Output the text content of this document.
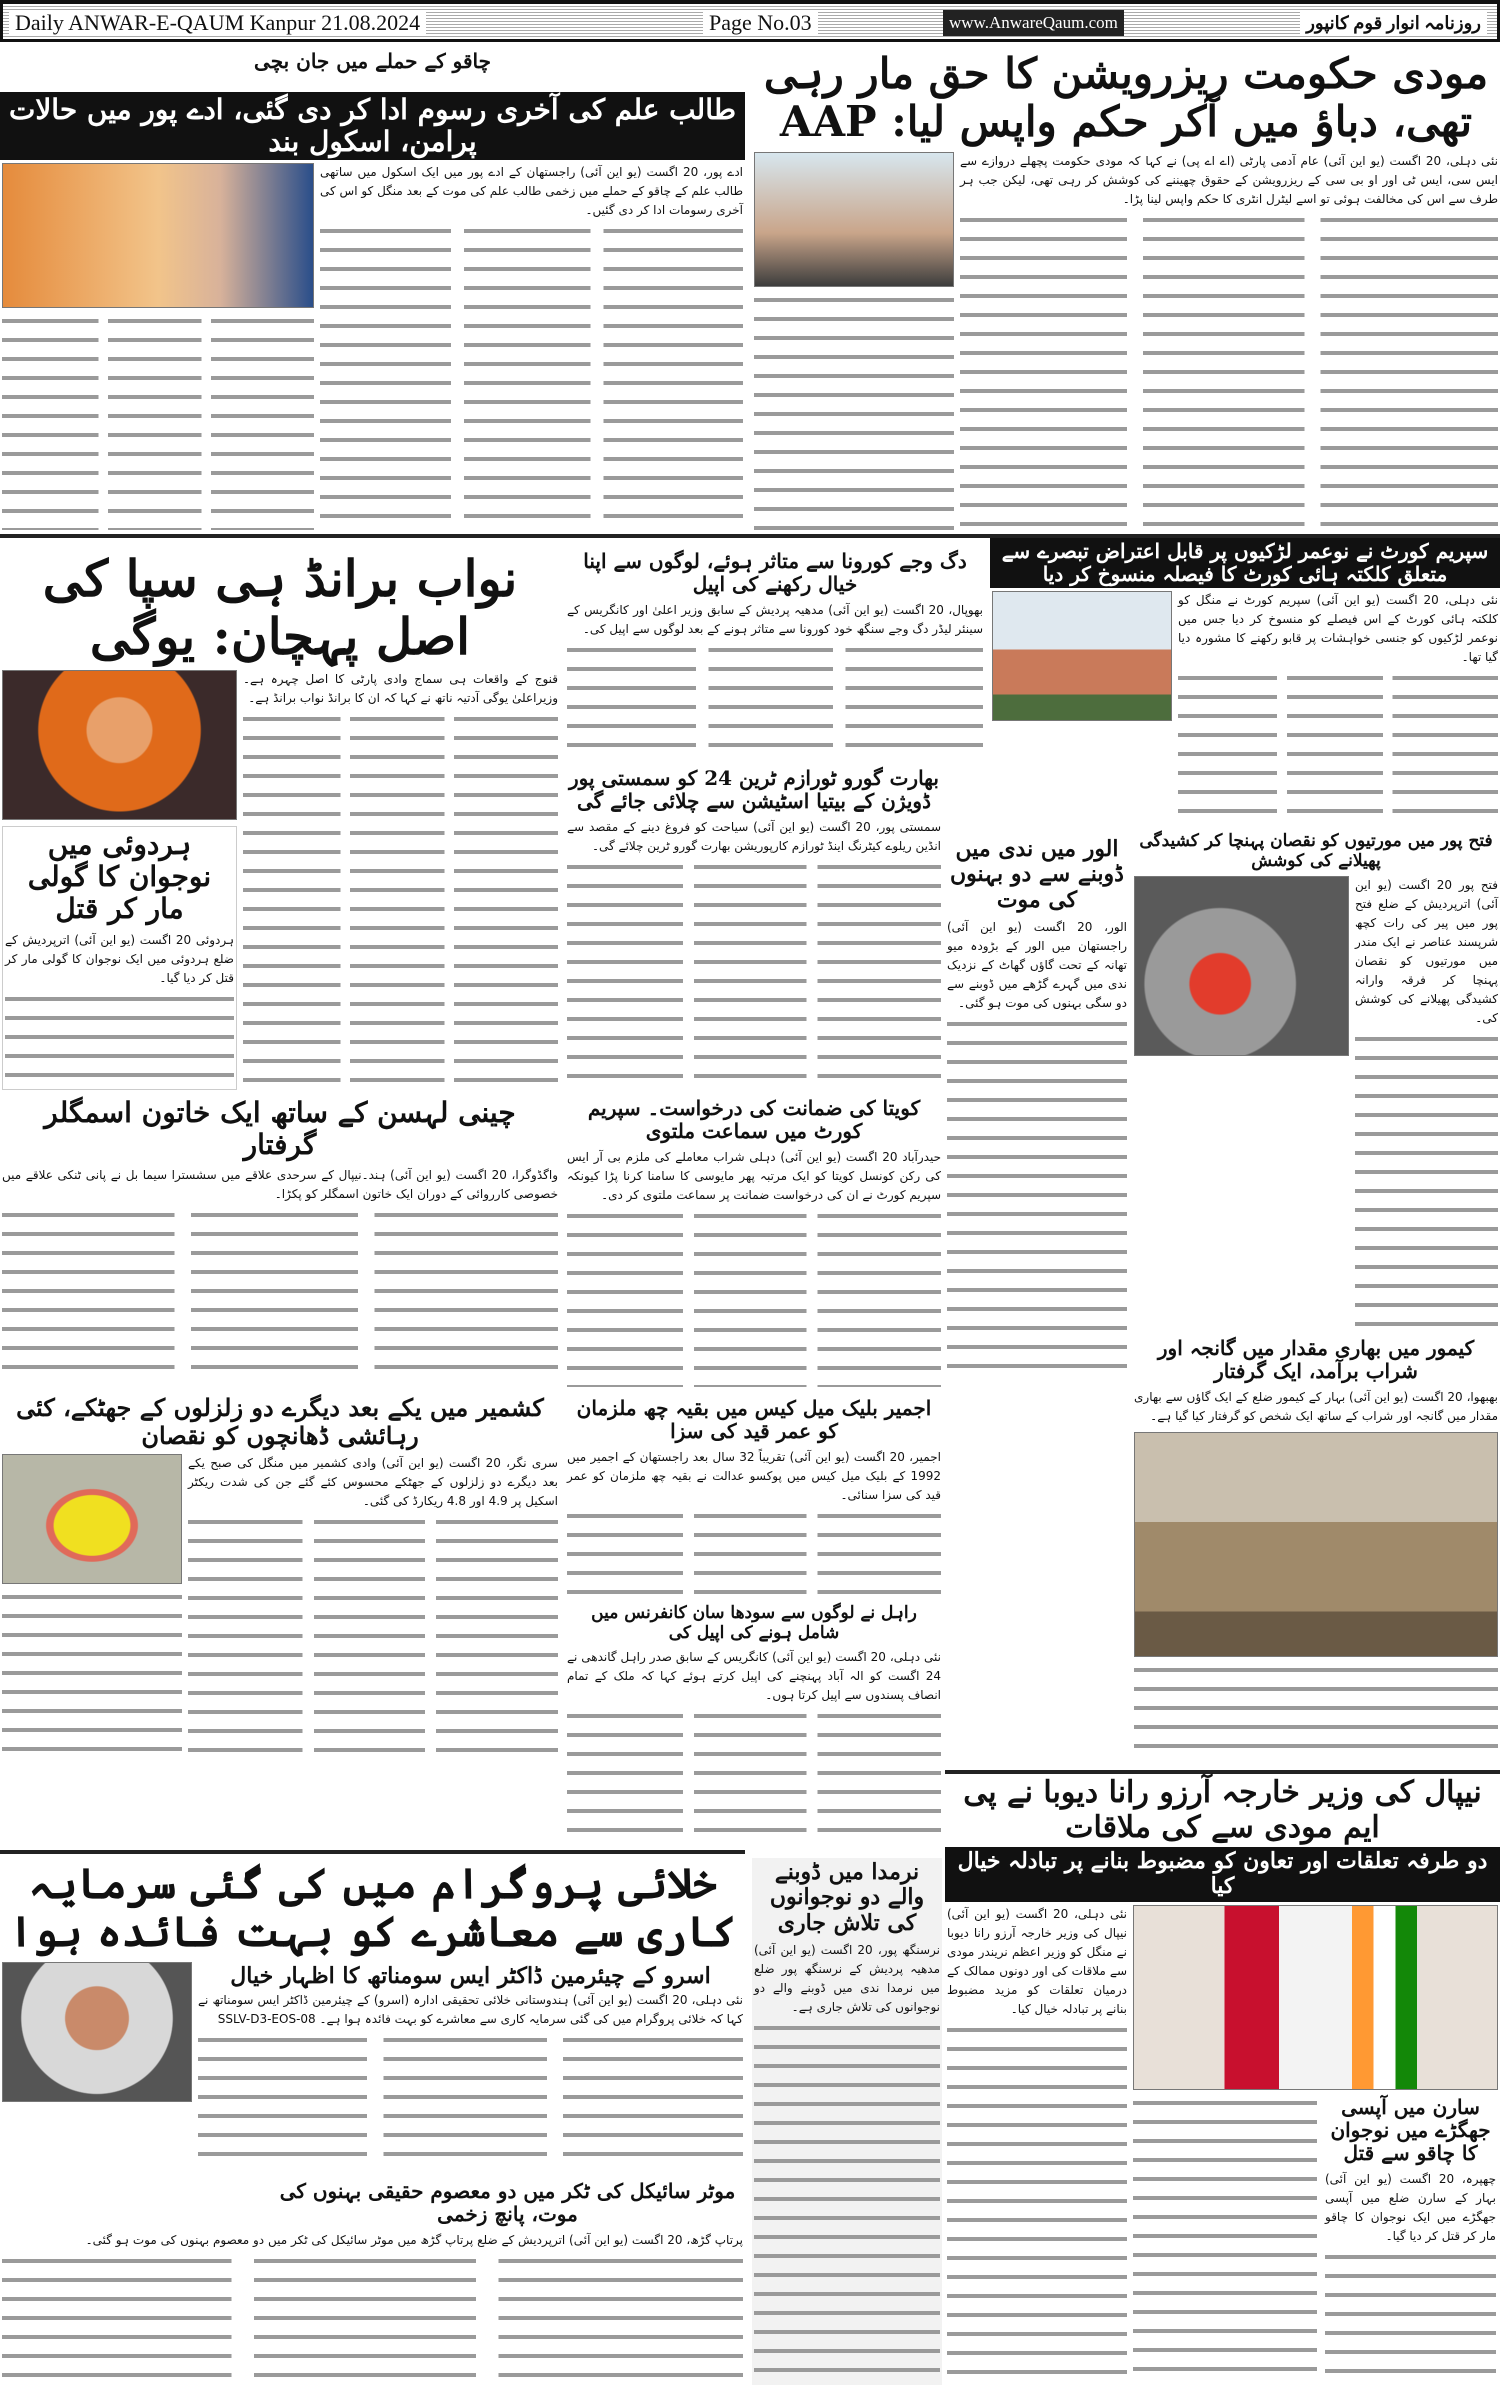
Daily ANWAR-E-QAUM Kanpur 21.08.2024	Page No.03	www.AnwareQaum.com	روزنامہ انوار قوم کانپور
مودی حکومت ریزرویشن کا حق مار رہی تھی، دباؤ میں آکر حکم واپس لیا: AAP

نئی دہلی، 20 اگست (یو این آئی) عام آدمی پارٹی (اے اے پی) نے کہا کہ مودی حکومت پچھلے دروازے سے ایس سی، ایس ٹی اور او بی سی کے ریزرویشن کے حقوق چھیننے کی کوشش کر رہی تھی، لیکن جب ہر طرف سے اس کی مخالفت ہوئی تو اسے لیٹرل انٹری کا حکم واپس لینا پڑا۔

چاقو کے حملے میں جان بچی
طالب علم کی آخری رسوم ادا کر دی گئی، ادے پور میں حالات پرامن، اسکول بند

ادے پور، 20 اگست (یو این آئی) راجستھان کے ادے پور میں ایک اسکول میں ساتھی طالب علم کے چاقو کے حملے میں زخمی طالب علم کی موت کے بعد منگل کو اس کی آخری رسومات ادا کر دی گئیں۔

نواب برانڈ ہی سپا کی اصل پہچان: یوگی

قنوج کے واقعات ہی سماج وادی پارٹی کا اصل چہرہ ہے۔ وزیراعلیٰ یوگی آدتیہ ناتھ نے کہا کہ ان کا برانڈ نواب برانڈ ہے۔

ہردوئی میں نوجوان کا گولی مار کر قتل

ہردوئی 20 اگست (یو این آئی) اترپردیش کے ضلع ہردوئی میں ایک نوجوان کا گولی مار کر قتل کر دیا گیا۔

دگ وجے کورونا سے متاثر ہوئے، لوگوں سے اپنا خیال رکھنے کی اپیل

بھوپال، 20 اگست (یو این آئی) مدھیہ پردیش کے سابق وزیر اعلیٰ اور کانگریس کے سینئر لیڈر دگ وجے سنگھ خود کورونا سے متاثر ہونے کے بعد لوگوں سے اپیل کی۔

بھارت گورو ٹورازم ٹرین 24 کو سمستی پور ڈویژن کے بیتیا اسٹیشن سے چلائی جائے گی

سمستی پور، 20 اگست (یو این آئی) سیاحت کو فروغ دینے کے مقصد سے انڈین ریلوے کیٹرنگ اینڈ ٹورازم کارپوریشن بھارت گورو ٹرین چلائے گی۔

سپریم کورٹ نے نوعمر لڑکیوں پر قابل اعتراض تبصرے سے متعلق کلکتہ ہائی کورٹ کا فیصلہ منسوخ کر دیا

نئی دہلی، 20 اگست (یو این آئی) سپریم کورٹ نے منگل کو کلکتہ ہائی کورٹ کے اس فیصلے کو منسوخ کر دیا جس میں نوعمر لڑکیوں کو جنسی خواہشات پر قابو رکھنے کا مشورہ دیا گیا تھا۔

فتح پور میں مورتیوں کو نقصان پہنچا کر کشیدگی پھیلانے کی کوشش

فتح پور 20 اگست (یو این آئی) اترپردیش کے ضلع فتح پور میں پیر کی رات کچھ شرپسند عناصر نے ایک مندر میں مورتیوں کو نقصان پہنچا کر فرقہ وارانہ کشیدگی پھیلانے کی کوشش کی۔

الور میں ندی میں ڈوبنے سے دو بہنوں کی موت

الور، 20 اگست (یو این آئی) راجستھان میں الور کے بڑودہ میو تھانہ کے تحت گاؤں گھاٹ کے نزدیک ندی میں گہرے گڑھے میں ڈوبنے سے دو سگی بہنوں کی موت ہو گئی۔

چینی لہسن کے ساتھ ایک خاتون اسمگلر گرفتار

واگڈوگرا، 20 اگست (یو این آئی) ہند۔نیپال کے سرحدی علاقے میں سشسترا سیما بل نے پانی ٹنکی علاقے میں خصوصی کارروائی کے دوران ایک خاتون اسمگلر کو پکڑا۔

کویتا کی ضمانت کی درخواست۔ سپریم کورٹ میں سماعت ملتوی

حیدرآباد 20 اگست (یو این آئی) دہلی شراب معاملے کی ملزم بی آر ایس کی رکن کونسل کویتا کو ایک مرتبہ پھر مایوسی کا سامنا کرنا پڑا کیونکہ سپریم کورٹ نے ان کی درخواست ضمانت پر سماعت ملتوی کر دی۔

کیمور میں بھاری مقدار میں گانجہ اور شراب برآمد، ایک گرفتار

بھبھوا، 20 اگست (یو این آئی) بہار کے کیمور ضلع کے ایک گاؤں سے بھاری مقدار میں گانجہ اور شراب کے ساتھ ایک شخص کو گرفتار کیا گیا ہے۔

کشمیر میں یکے بعد دیگرے دو زلزلوں کے جھٹکے، کئی رہائشی ڈھانچوں کو نقصان

سری نگر، 20 اگست (یو این آئی) وادی کشمیر میں منگل کی صبح یکے بعد دیگرے دو زلزلوں کے جھٹکے محسوس کئے گئے جن کی شدت ریکٹر اسکیل پر 4.9 اور 4.8 ریکارڈ کی گئی۔

اجمیر بلیک میل کیس میں بقیہ چھ ملزمان کو عمر قید کی سزا

اجمیر، 20 اگست (یو این آئی) تقریباً 32 سال بعد راجستھان کے اجمیر میں 1992 کے بلیک میل کیس میں پوکسو عدالت نے بقیہ چھ ملزمان کو عمر قید کی سزا سنائی۔

راہل نے لوگوں سے سودھا سان کانفرنس میں شامل ہونے کی اپیل کی

نئی دہلی، 20 اگست (یو این آئی) کانگریس کے سابق صدر راہل گاندھی نے 24 اگست کو الہ آباد پہنچنے کی اپیل کرتے ہوئے کہا کہ ملک کے تمام انصاف پسندوں سے اپیل کرتا ہوں۔

نیپال کی وزیر خارجہ آرزو رانا دیوبا نے پی ایم مودی سے کی ملاقات
دو طرفہ تعلقات اور تعاون کو مضبوط بنانے پر تبادلہ خیال کیا
سارن میں آپسی جھگڑے میں نوجوان کا چاقو سے قتل

چھپرہ، 20 اگست (یو این آئی) بہار کے سارن ضلع میں آپسی جھگڑے میں ایک نوجوان کا چاقو مار کر قتل کر دیا گیا۔

نئی دہلی، 20 اگست (یو این آئی) نیپال کی وزیر خارجہ آرزو رانا دیوبا نے منگل کو وزیر اعظم نریندر مودی سے ملاقات کی اور دونوں ممالک کے درمیان تعلقات کو مزید مضبوط بنانے پر تبادلہ خیال کیا۔

خلائی پروگرام میں کی گئی سرمایہ کاری سے معاشرے کو بہت فائدہ ہوا
اسرو کے چیئرمین ڈاکٹر ایس سومناتھ کا اظہار خیال

نئی دہلی، 20 اگست (یو این آئی) ہندوستانی خلائی تحقیقی ادارہ (اسرو) کے چیئرمین ڈاکٹر ایس سومناتھ نے کہا کہ خلائی پروگرام میں کی گئی سرمایہ کاری سے معاشرے کو بہت فائدہ ہوا ہے۔ SSLV-D3-EOS-08

نرمدا میں ڈوبنے والے دو نوجوانوں کی تلاش جاری

نرسنگھ پور، 20 اگست (یو این آئی) مدھیہ پردیش کے نرسنگھ پور ضلع میں نرمدا ندی میں ڈوبنے والے دو نوجوانوں کی تلاش جاری ہے۔

موٹر سائیکل کی ٹکر میں دو معصوم حقیقی بہنوں کی موت، پانچ زخمی

پرتاپ گڑھ، 20 اگست (یو این آئی) اترپردیش کے ضلع پرتاپ گڑھ میں موٹر سائیکل کی ٹکر میں دو معصوم بہنوں کی موت ہو گئی۔
